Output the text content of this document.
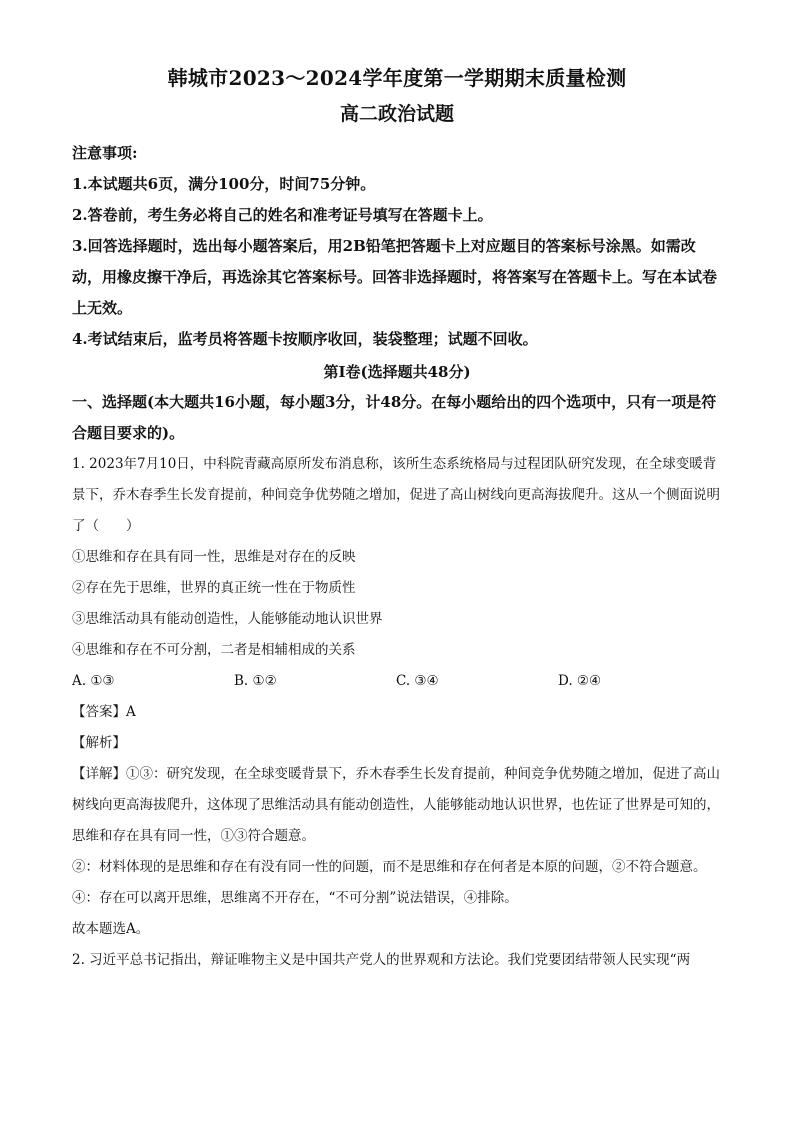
韩城市2023～2024学年度第一学期期末质量检测
高二政治试题
注意事项:
1.本试题共6页，满分100分，时间75分钟。
2.答卷前，考生务必将自己的姓名和准考证号填写在答题卡上。
3.回答选择题时，选出每小题答案后，用2B铅笔把答题卡上对应题目的答案标号涂黑。如需改动，用橡皮擦干净后，再选涂其它答案标号。回答非选择题时，将答案写在答题卡上。写在本试卷上无效。
4.考试结束后，监考员将答题卡按顺序收回，装袋整理；试题不回收。
第Ⅰ卷(选择题共48分)
一、选择题(本大题共16小题，每小题3分，计48分。在每小题给出的四个选项中，只有一项是符合题目要求的)。
1. 2023年7月10日，中科院青藏高原所发布消息称，该所生态系统格局与过程团队研究发现，在全球变暖背景下，乔木春季生长发育提前，种间竞争优势随之增加，促进了高山树线向更高海拔爬升。这从一个侧面说明了（　　）
①思维和存在具有同一性，思维是对存在的反映
②存在先于思维，世界的真正统一性在于物质性
③思维活动具有能动创造性，人能够能动地认识世界
④思维和存在不可分割，二者是相辅相成的关系
A. ①③	B. ①②	C. ③④	D. ②④
【答案】A
【解析】
【详解】①③：研究发现，在全球变暖背景下，乔木春季生长发育提前，种间竞争优势随之增加，促进了高山树线向更高海拔爬升，这体现了思维活动具有能动创造性，人能够能动地认识世界，也佐证了世界是可知的，思维和存在具有同一性，①③符合题意。
②：材料体现的是思维和存在有没有同一性的问题，而不是思维和存在何者是本原的问题，②不符合题意。
④：存在可以离开思维，思维离不开存在，“不可分割”说法错误，④排除。
故本题选A。
2. 习近平总书记指出，辩证唯物主义是中国共产党人的世界观和方法论。我们党要团结带领人民实现“两
